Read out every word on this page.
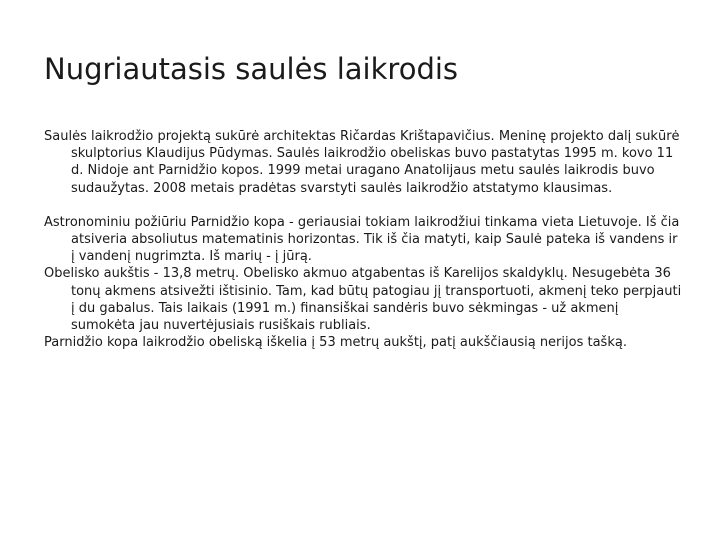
Nugriautasis saulės laikrodis

Saulės laikrodžio projektą sukūrė architektas Ričardas Krištapavičius. Meninę projekto dalį sukūrė skulptorius Klaudijus Pūdymas. Saulės laikrodžio obeliskas buvo pastatytas 1995 m. kovo 11 d. Nidoje ant Parnidžio kopos. 1999 metai uragano Anatolijaus metu saulės laikrodis buvo sudaužytas. 2008 metais pradėtas svarstyti saulės laikrodžio atstatymo klausimas.

Astronominiu požiūriu Parnidžio kopa - geriausiai tokiam laikrodžiui tinkama vieta Lietuvoje. Iš čia atsiveria absoliutus matematinis horizontas. Tik iš čia matyti, kaip Saulė pateka iš vandens ir į vandenį nugrimzta. Iš marių - į jūrą.

Obelisko aukštis - 13,8 metrų. Obelisko akmuo atgabentas iš Karelijos skaldyklų. Nesugebėta 36 tonų akmens atsivežti ištisinio. Tam, kad būtų patogiau jį transportuoti, akmenį teko perpjauti į du gabalus. Tais laikais (1991 m.) finansiškai sandėris buvo sėkmingas - už akmenį sumokėta jau nuvertėjusiais rusiškais rubliais.

Parnidžio kopa laikrodžio obeliską iškelia į 53 metrų aukštį, patį aukščiausią nerijos tašką.
